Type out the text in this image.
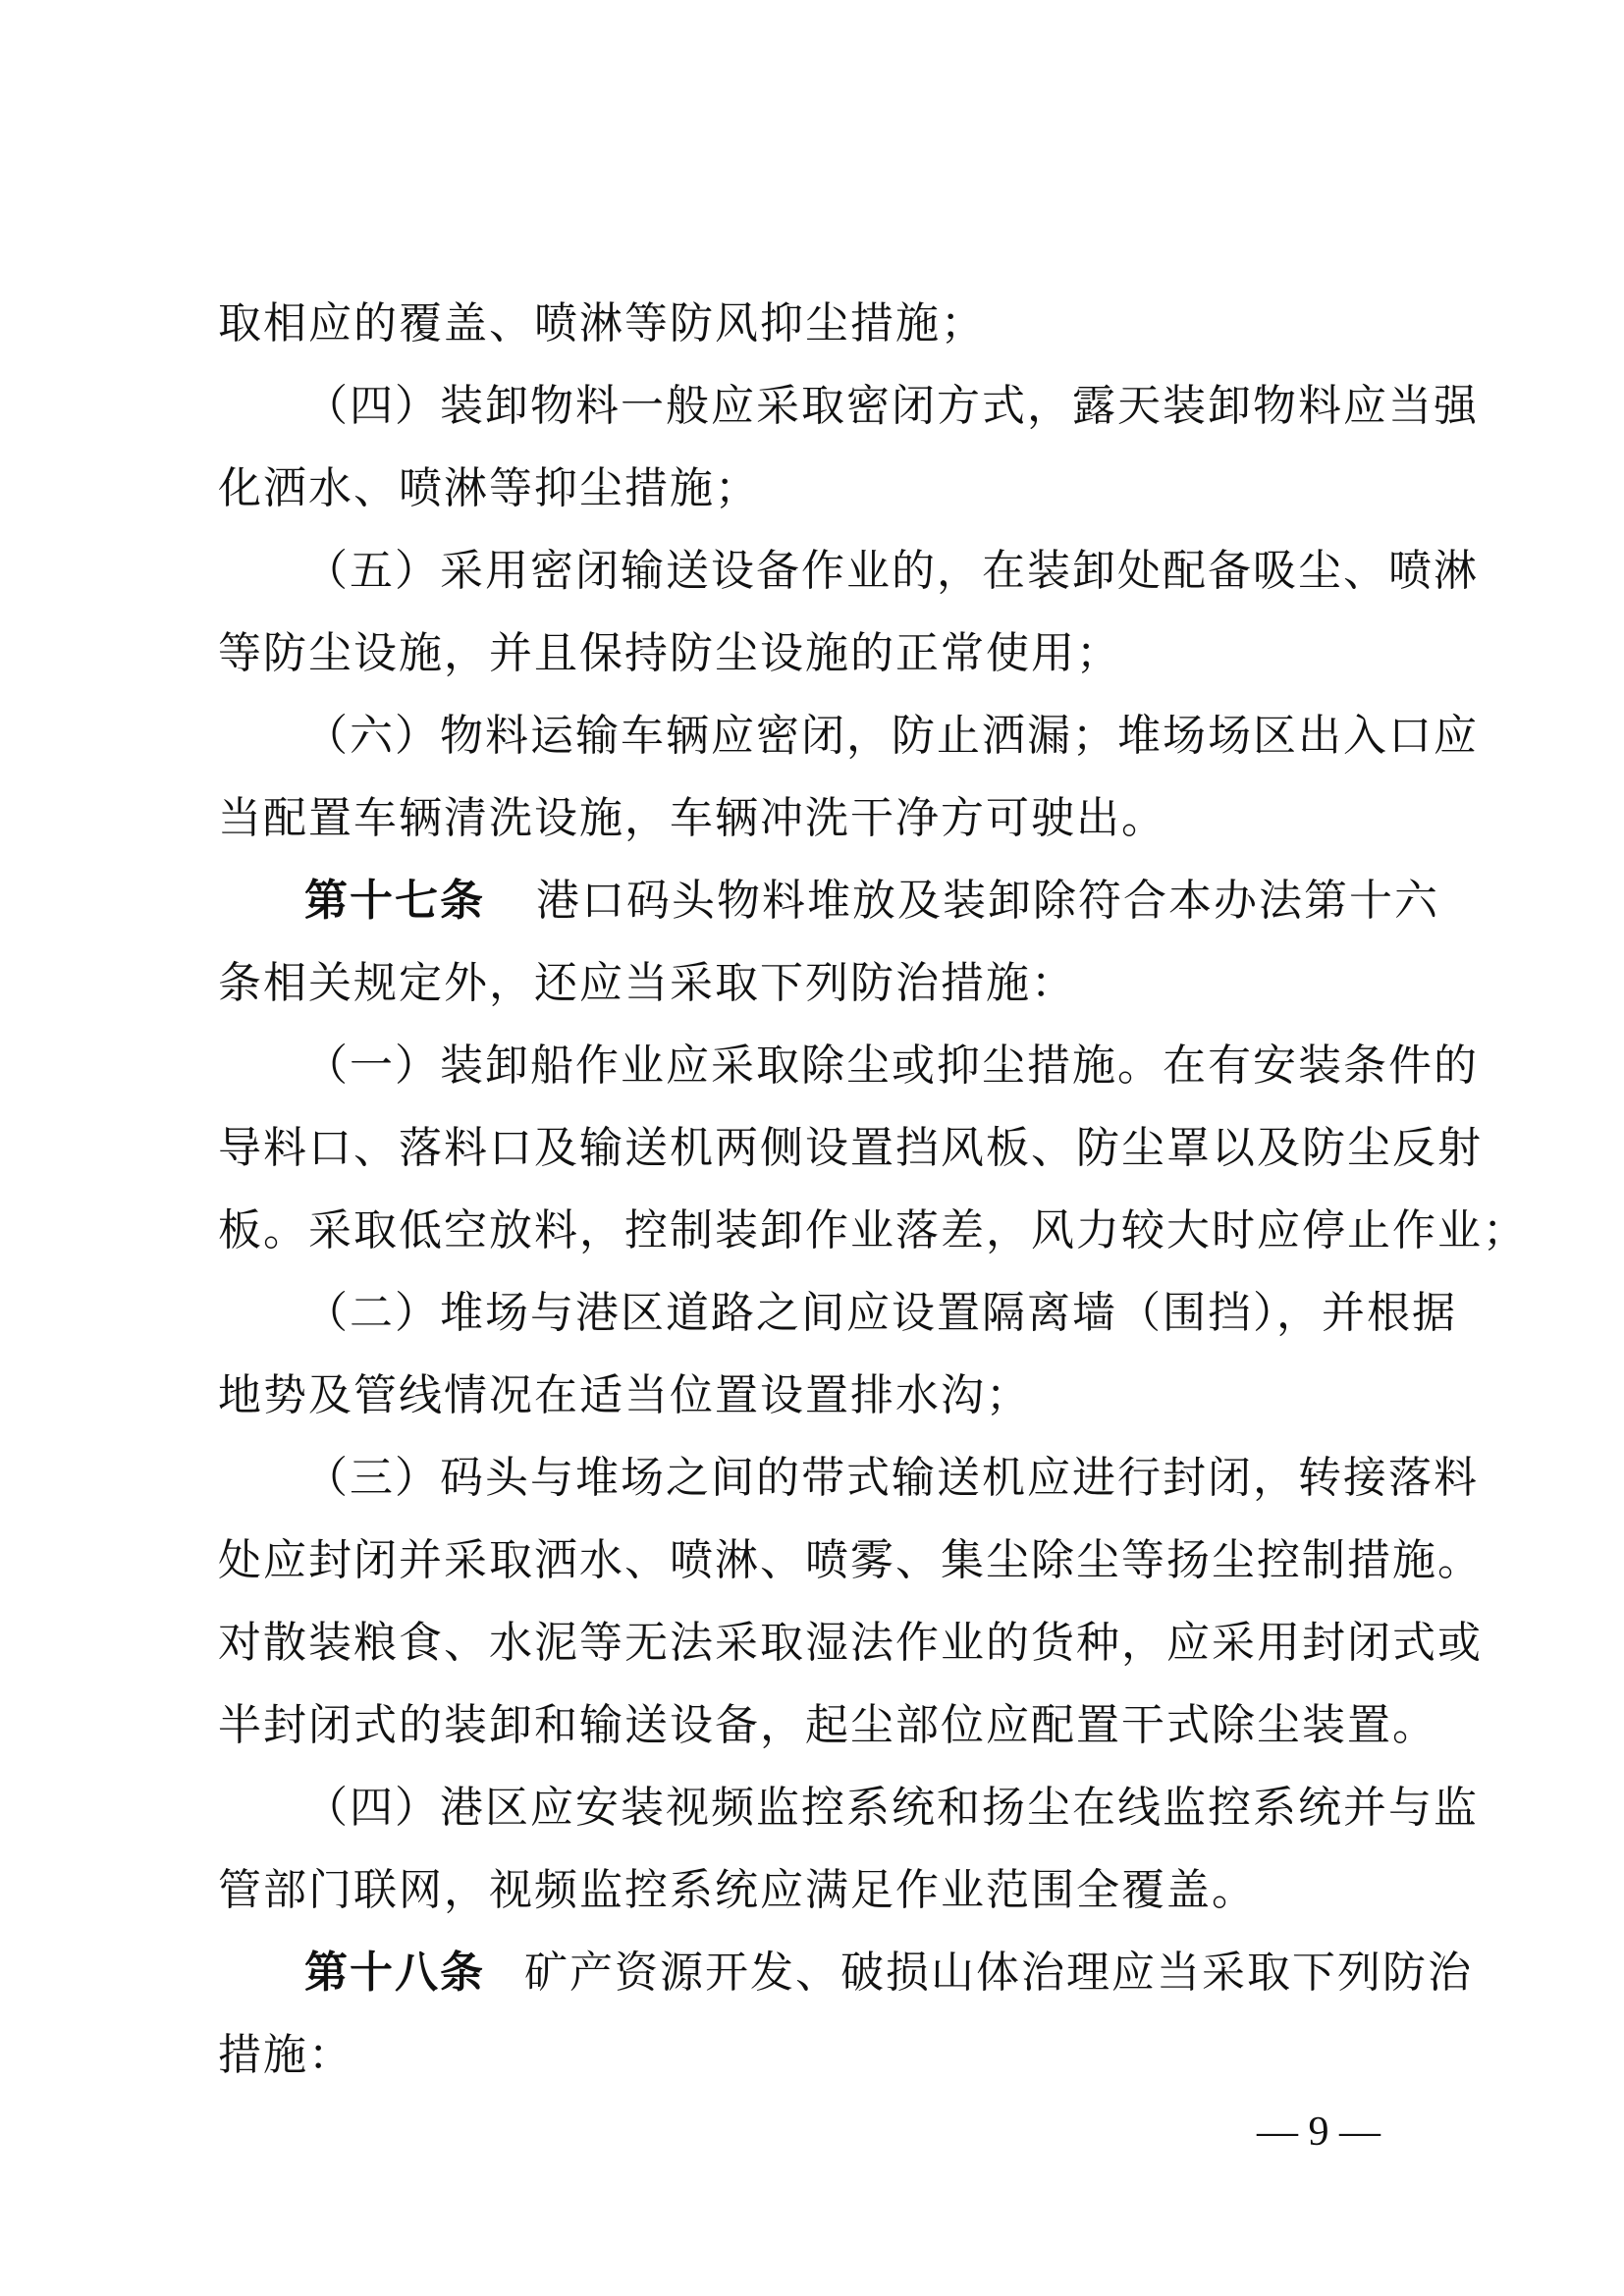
取相应的覆盖、喷淋等防风抑尘措施；
（四）装卸物料一般应采取密闭方式，露天装卸物料应当强
化洒水、喷淋等抑尘措施；
（五）采用密闭输送设备作业的，在装卸处配备吸尘、喷淋
等防尘设施，并且保持防尘设施的正常使用；
（六）物料运输车辆应密闭，防止洒漏；堆场场区出入口应
当配置车辆清洗设施，车辆冲洗干净方可驶出。
第十七条 港口码头物料堆放及装卸除符合本办法第十六
条相关规定外，还应当采取下列防治措施：
（一）装卸船作业应采取除尘或抑尘措施。在有安装条件的
导料口、落料口及输送机两侧设置挡风板、防尘罩以及防尘反射
板。采取低空放料，控制装卸作业落差，风力较大时应停止作业；
（二）堆场与港区道路之间应设置隔离墙（围挡），并根据
地势及管线情况在适当位置设置排水沟；
（三）码头与堆场之间的带式输送机应进行封闭，转接落料
处应封闭并采取洒水、喷淋、喷雾、集尘除尘等扬尘控制措施。
对散装粮食、水泥等无法采取湿法作业的货种，应采用封闭式或
半封闭式的装卸和输送设备，起尘部位应配置干式除尘装置。
（四）港区应安装视频监控系统和扬尘在线监控系统并与监
管部门联网，视频监控系统应满足作业范围全覆盖。
第十八条 矿产资源开发、破损山体治理应当采取下列防治
措施：
— 9 —
